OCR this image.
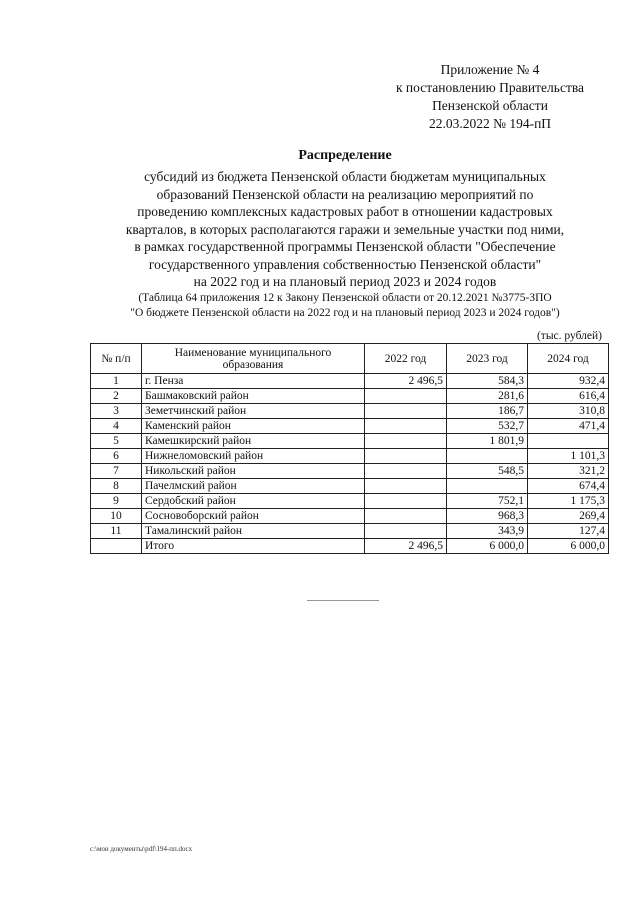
Приложение № 4
к постановлению Правительства
Пензенской области
22.03.2022 № 194-пП
Распределение
субсидий из бюджета Пензенской области бюджетам муниципальных
образований Пензенской области на реализацию мероприятий по
проведению комплексных кадастровых работ в отношении кадастровых
кварталов, в которых располагаются гаражи и земельные участки под ними,
в рамках государственной программы Пензенской области "Обеспечение
государственного управления собственностью Пензенской области"
на 2022 год и на плановый период 2023 и 2024 годов
(Таблица 64 приложения 12 к Закону Пензенской области от 20.12.2021 №3775-ЗПО
"О бюджете Пензенской области на 2022 год и на плановый период 2023 и 2024 годов")
(тыс. рублей)
№ п/п	Наименование муниципального образования	2022 год	2023 год	2024 год
1	г. Пенза	2 496,5	584,3	932,4
2	Башмаковский район		281,6	616,4
3	Земетчинский район		186,7	310,8
4	Каменский район		532,7	471,4
5	Камешкирский район		1 801,9	
6	Нижнеломовский район			1 101,3
7	Никольский район		548,5	321,2
8	Пачелмский район			674,4
9	Сердобский район		752,1	1 175,3
10	Сосновоборский район		968,3	269,4
11	Тамалинский район		343,9	127,4
	Итого	2 496,5	6 000,0	6 000,0
c:\мои документы\pdf\194-пп.docx
